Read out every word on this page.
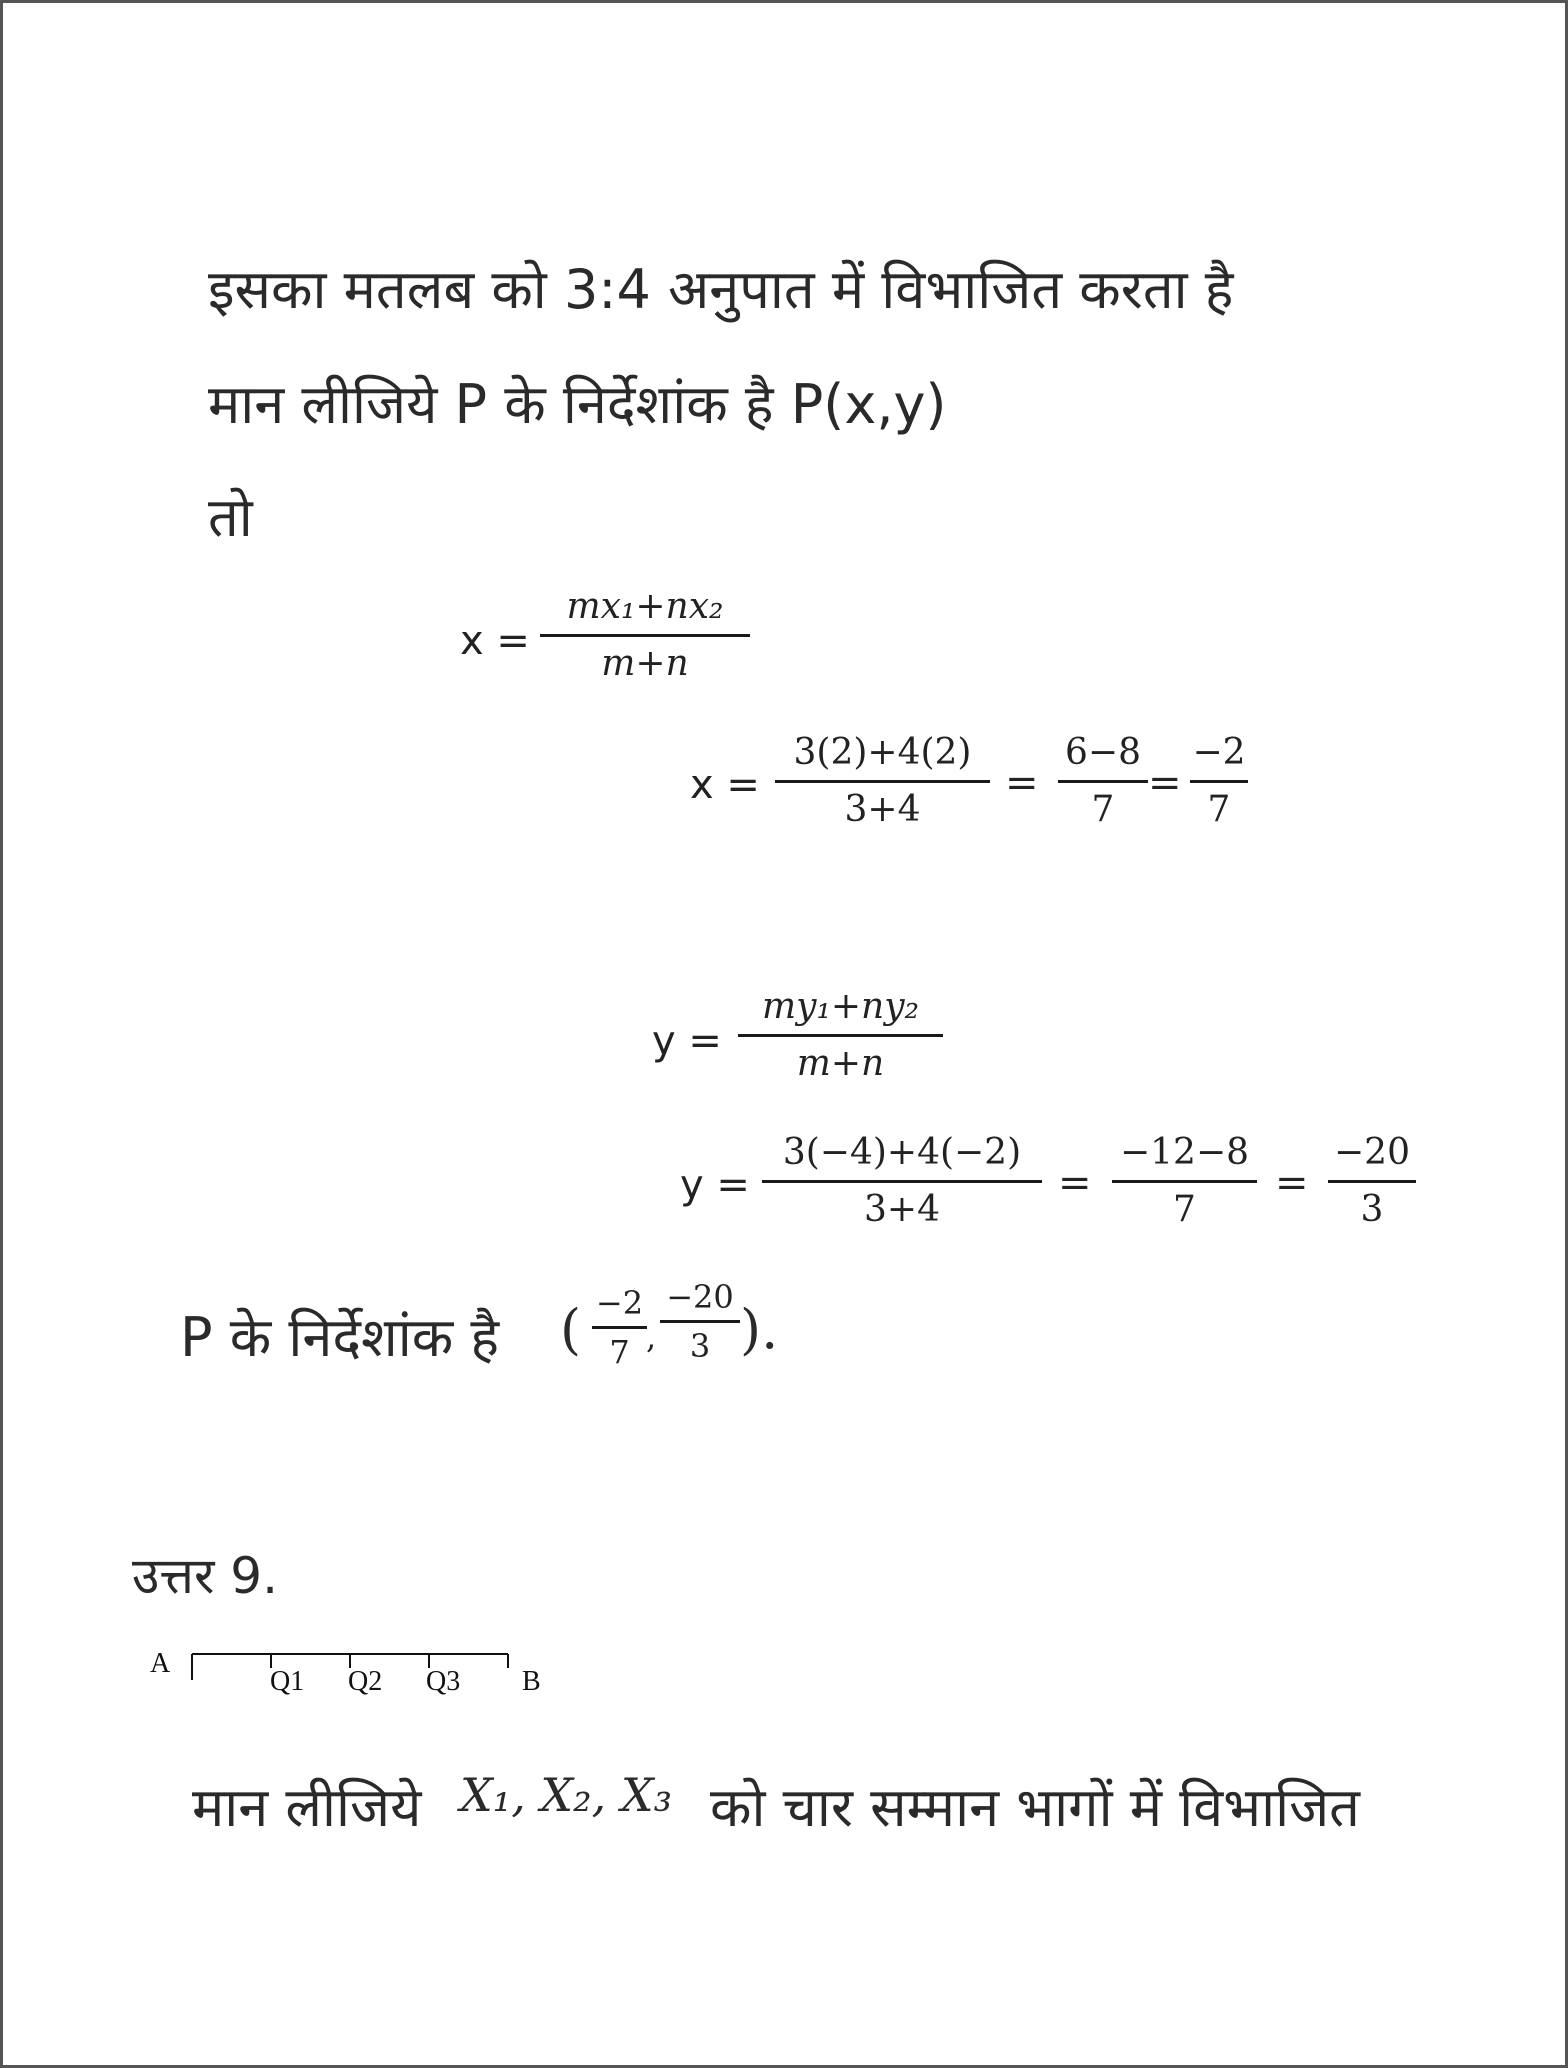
इसका मतलब को 3:4 अनुपात में विभाजित करता है
मान लीजिये P के निर्देशांक है P(x,y)
तो
x =
mx₁+nx₂
m+n
x =
3(2)+4(2)
3+4
=
6−8
7
=
−2
7
y =
my₁+ny₂
m+n
y =
3(−4)+4(−2)
3+4
=
−12−8
7
=
−20
3
P के निर्देशांक है ( −2
7 ,
−20
3 ).
उत्तर 9.
A
Q1 Q2 Q3 B
मान लीजिये X₁, X₂, X₃ को चार सम्मान भागों में विभाजित
